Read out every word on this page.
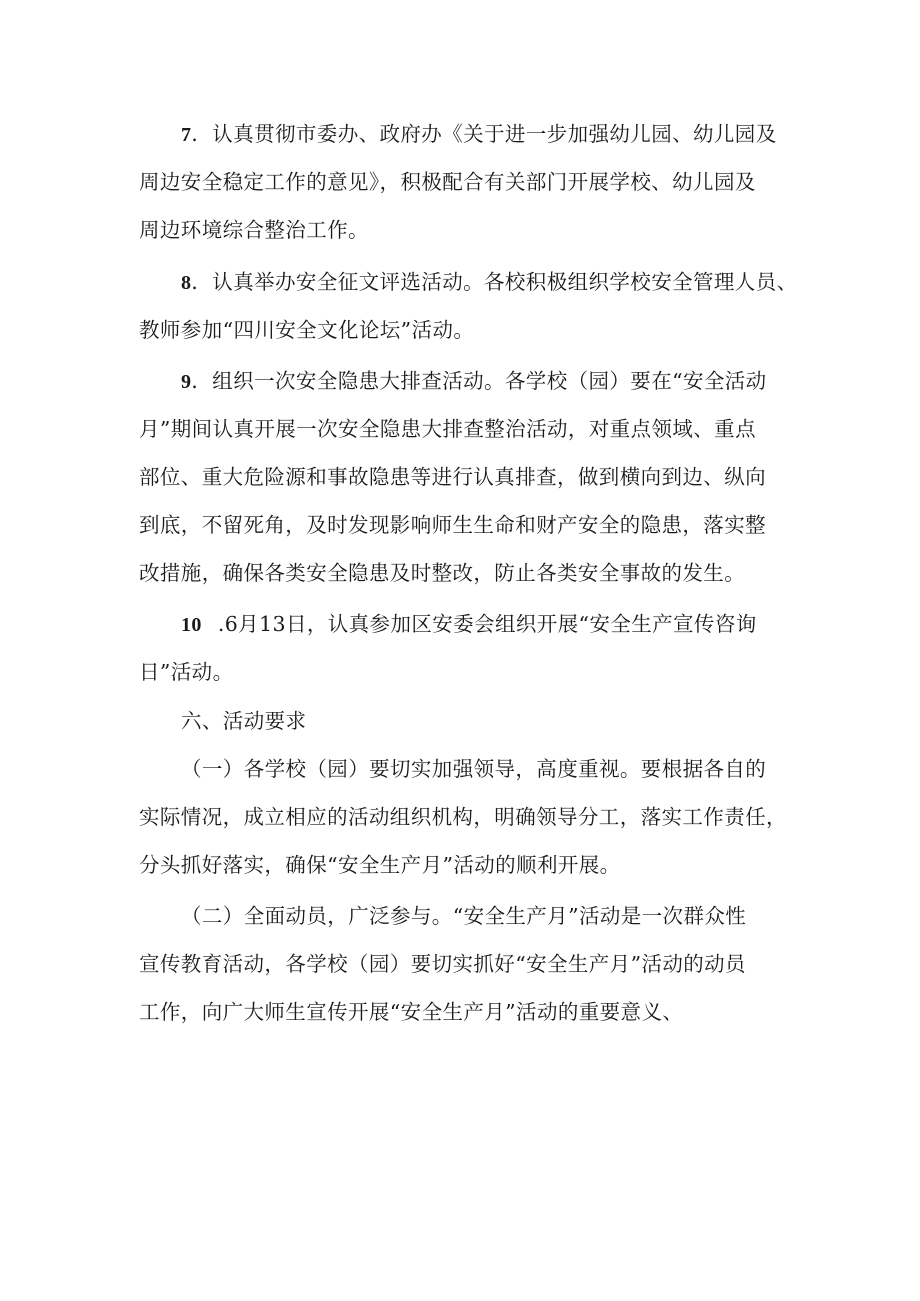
7．认真贯彻市委办、政府办《关于进一步加强幼儿园、幼儿园及
周边安全稳定工作的意见》，积极配合有关部门开展学校、幼儿园及
周边环境综合整治工作。
8．认真举办安全征文评选活动。各校积极组织学校安全管理人员、
教师参加“四川安全文化论坛”活动。
9．组织一次安全隐患大排查活动。各学校（园）要在“安全活动
月”期间认真开展一次安全隐患大排查整治活动，对重点领域、重点
部位、重大危险源和事故隐患等进行认真排查，做到横向到边、纵向
到底，不留死角，及时发现影响师生生命和财产安全的隐患，落实整
改措施，确保各类安全隐患及时整改，防止各类安全事故的发生。
10 .6月13日，认真参加区安委会组织开展“安全生产宣传咨询
日”活动。
六、活动要求
（一）各学校（园）要切实加强领导，高度重视。要根据各自的
实际情况，成立相应的活动组织机构，明确领导分工，落实工作责任，
分头抓好落实，确保“安全生产月”活动的顺利开展。
（二）全面动员，广泛参与。“安全生产月”活动是一次群众性
宣传教育活动，各学校（园）要切实抓好“安全生产月”活动的动员
工作，向广大师生宣传开展“安全生产月”活动的重要意义、
